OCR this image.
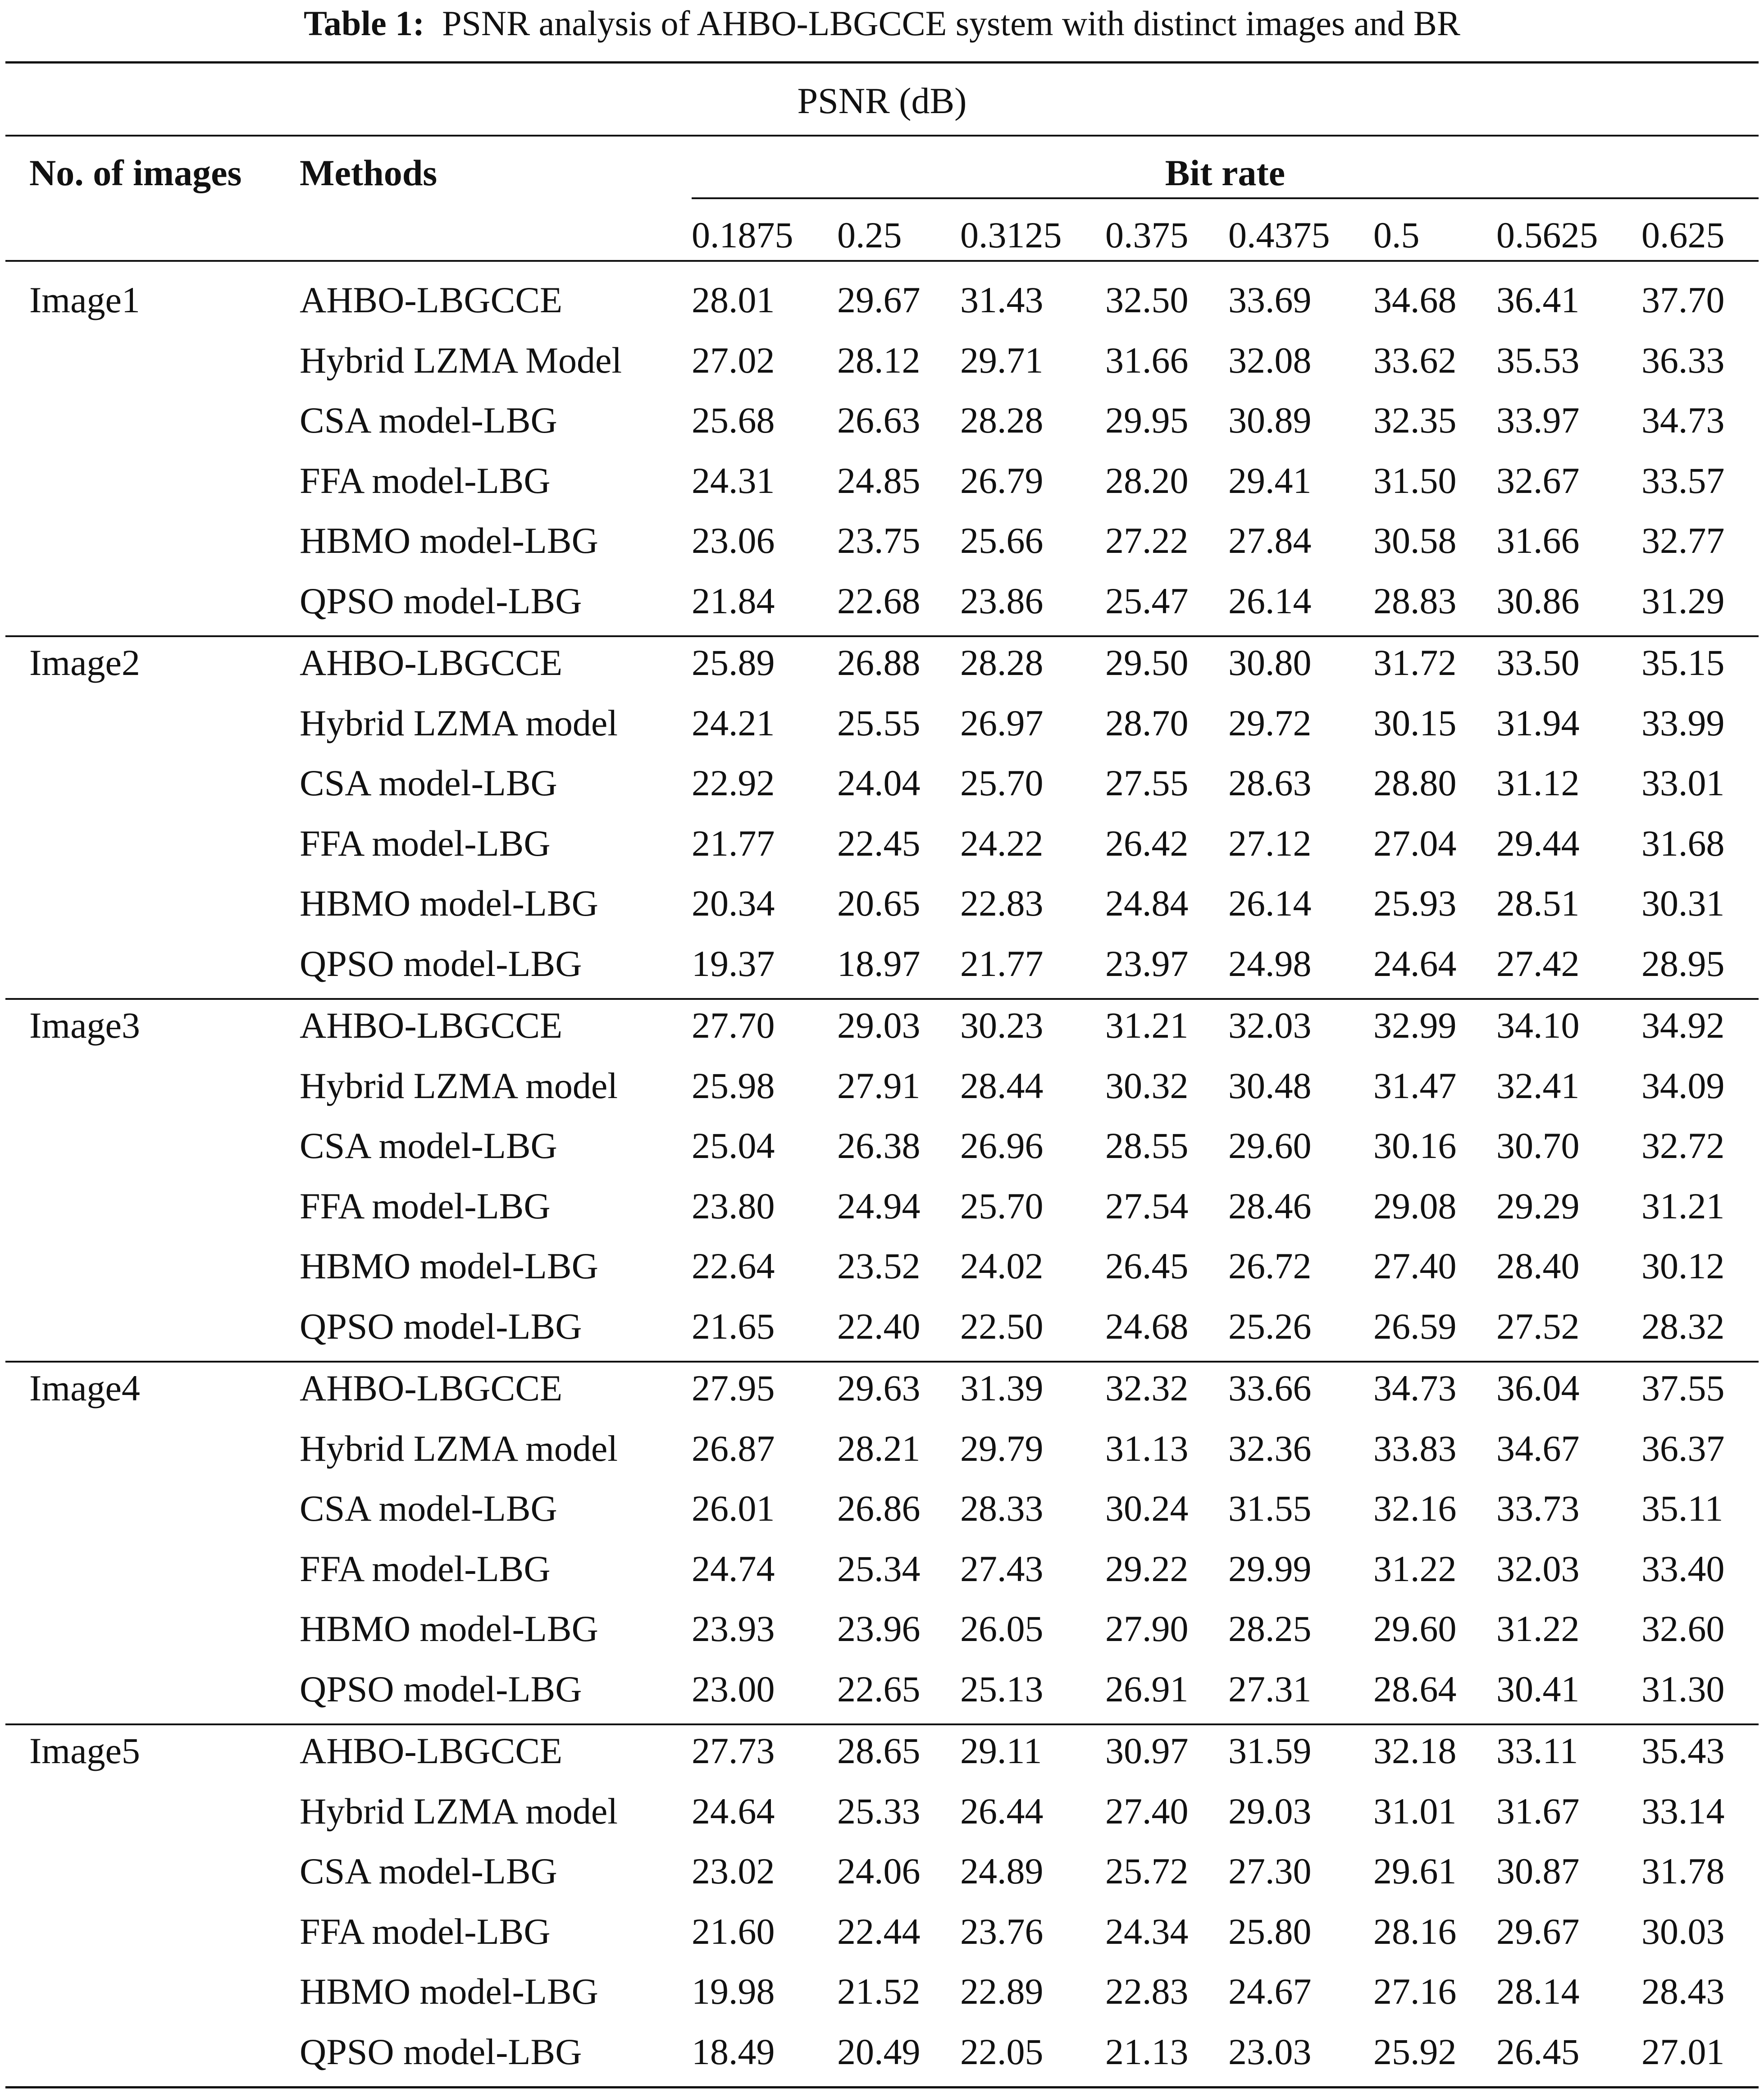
Table 1: PSNR analysis of AHBO-LBGCCE system with distinct images and BR
PSNR (dB)
No. of images Methods	Bit rate
0.1875 0.25 0.3125 0.375 0.4375 0.5 0.5625 0.625
Image1	AHBO-LBGCCE	28.01 29.67 31.43 32.50 33.69 34.68 36.41 37.70
Hybrid LZMA Model 27.02 28.12 29.71 31.66 32.08 33.62 35.53 36.33
CSA model-LBG	25.68 26.63 28.28 29.95 30.89 32.35 33.97 34.73
FFA model-LBG	24.31 24.85 26.79 28.20 29.41 31.50 32.67 33.57
HBMO model-LBG	23.06 23.75 25.66 27.22 27.84 30.58 31.66 32.77
QPSO model-LBG	21.84 22.68 23.86 25.47 26.14 28.83 30.86 31.29
Image2	AHBO-LBGCCE	25.89 26.88 28.28 29.50 30.80 31.72 33.50 35.15
Hybrid LZMA model 24.21 25.55 26.97 28.70 29.72 30.15 31.94 33.99
CSA model-LBG	22.92 24.04 25.70 27.55 28.63 28.80 31.12 33.01
FFA model-LBG	21.77 22.45 24.22 26.42 27.12 27.04 29.44 31.68
HBMO model-LBG	20.34 20.65 22.83 24.84 26.14 25.93 28.51 30.31
QPSO model-LBG	19.37 18.97 21.77 23.97 24.98 24.64 27.42 28.95
Image3	AHBO-LBGCCE	27.70 29.03 30.23 31.21 32.03 32.99 34.10 34.92
Hybrid LZMA model 25.98 27.91 28.44 30.32 30.48 31.47 32.41 34.09
CSA model-LBG	25.04 26.38 26.96 28.55 29.60 30.16 30.70 32.72
FFA model-LBG	23.80 24.94 25.70 27.54 28.46 29.08 29.29 31.21
HBMO model-LBG	22.64 23.52 24.02 26.45 26.72 27.40 28.40 30.12
QPSO model-LBG	21.65 22.40 22.50 24.68 25.26 26.59 27.52 28.32
Image4	AHBO-LBGCCE	27.95 29.63 31.39 32.32 33.66 34.73 36.04 37.55
Hybrid LZMA model 26.87 28.21 29.79 31.13 32.36 33.83 34.67 36.37
CSA model-LBG	26.01 26.86 28.33 30.24 31.55 32.16 33.73 35.11
FFA model-LBG	24.74 25.34 27.43 29.22 29.99 31.22 32.03 33.40
HBMO model-LBG	23.93 23.96 26.05 27.90 28.25 29.60 31.22 32.60
QPSO model-LBG	23.00 22.65 25.13 26.91 27.31 28.64 30.41 31.30
Image5	AHBO-LBGCCE	27.73 28.65 29.11 30.97 31.59 32.18 33.11 35.43
Hybrid LZMA model 24.64 25.33 26.44 27.40 29.03 31.01 31.67 33.14
CSA model-LBG	23.02 24.06 24.89 25.72 27.30 29.61 30.87 31.78
FFA model-LBG	21.60 22.44 23.76 24.34 25.80 28.16 29.67 30.03
HBMO model-LBG	19.98 21.52 22.89 22.83 24.67 27.16 28.14 28.43
QPSO model-LBG	18.49 20.49 22.05 21.13 23.03 25.92 26.45 27.01
